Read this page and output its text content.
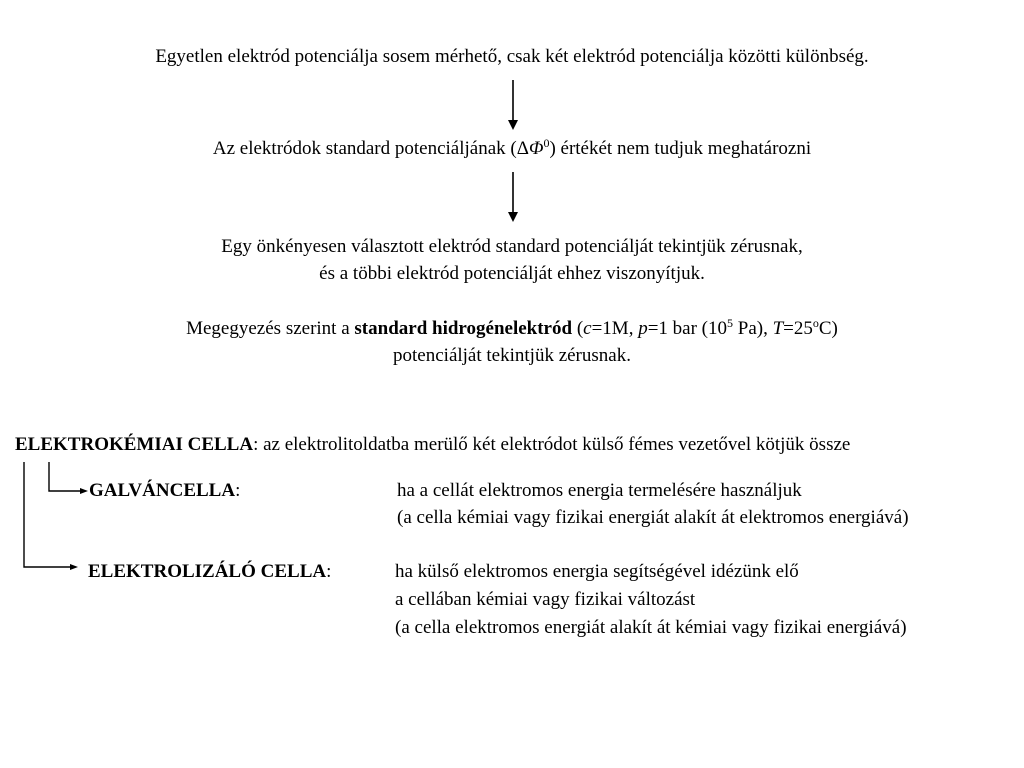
Egyetlen elektród potenciálja sosem mérhető, csak két elektród potenciálja közötti különbség.
Az elektródok standard potenciáljának $(\Delta\Phi^0)$ értékét nem tudjuk meghatározni
Egy önkényesen választott elektród standard potenciálját tekintjük zérusnak,
és a többi elektród potenciálját ehhez viszonyítjuk.
Megegyezés szerint a standard hidrogénelektród (c=1M, p=1 bar ($10^5$ Pa), $T=25^oC$)
potenciálját tekintjük zérusnak.
ELEKTROKÉMIAI CELLA: az elektrolitoldatba merülő két elektródot külső fémes vezetővel kötjük össze
GALVÁNCELLA:	ha a cellát elektromos energia termelésére használjuk
(a cella kémiai vagy fizikai energiát alakít át elektromos energiává)
ELEKTROLIZÁLÓ CELLA:	ha külső elektromos energia segítségével idézünk elő
a cellában kémiai vagy fizikai változást
(a cella elektromos energiát alakít át kémiai vagy fizikai energiává)
